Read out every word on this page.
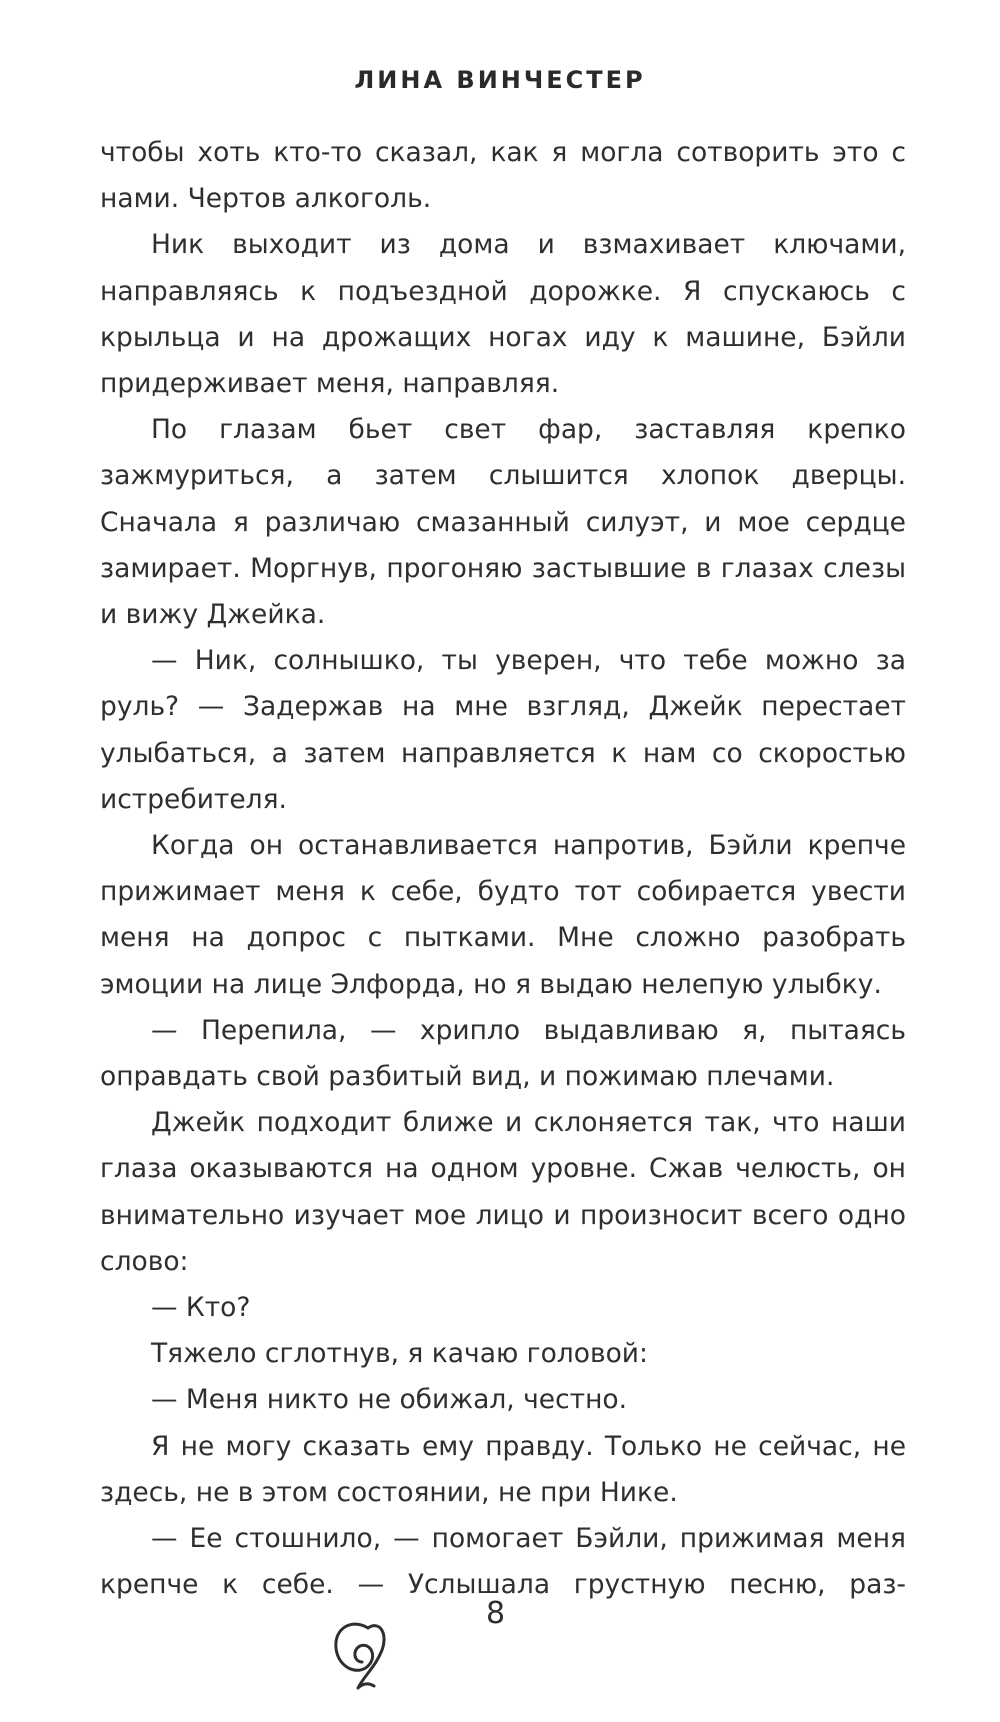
ЛИНА ВИНЧЕСТЕР

чтобы хоть кто-то сказал, как я могла сотворить это с нами. Чертов алкоголь.

Ник выходит из дома и взмахивает ключами, направляясь к подъездной дорожке. Я спускаюсь с крыльца и на дрожащих ногах иду к машине, Бэйли придерживает меня, направляя.

По глазам бьет свет фар, заставляя крепко зажмуриться, а затем слышится хлопок дверцы. Сначала я различаю смазанный силуэт, и мое сердце замирает. Моргнув, прогоняю застывшие в глазах слезы и вижу Джейка.

— Ник, солнышко, ты уверен, что тебе можно за руль? — Задержав на мне взгляд, Джейк перестает улыбаться, а затем направляется к нам со скоростью истребителя.

Когда он останавливается напротив, Бэйли крепче прижимает меня к себе, будто тот собирается увести меня на допрос с пытками. Мне сложно разобрать эмоции на лице Элфорда, но я выдаю нелепую улыбку.

— Перепила, — хрипло выдавливаю я, пытаясь оправдать свой разбитый вид, и пожимаю плечами.

Джейк подходит ближе и склоняется так, что наши глаза оказываются на одном уровне. Сжав челюсть, он внимательно изучает мое лицо и произносит всего одно слово:

— Кто?

Тяжело сглотнув, я качаю головой:

— Меня никто не обижал, честно.

Я не могу сказать ему правду. Только не сейчас, не здесь, не в этом состоянии, не при Нике.

— Ее стошнило, — помогает Бэйли, прижимая меня крепче к себе. — Услышала грустную песню, раз-

8
